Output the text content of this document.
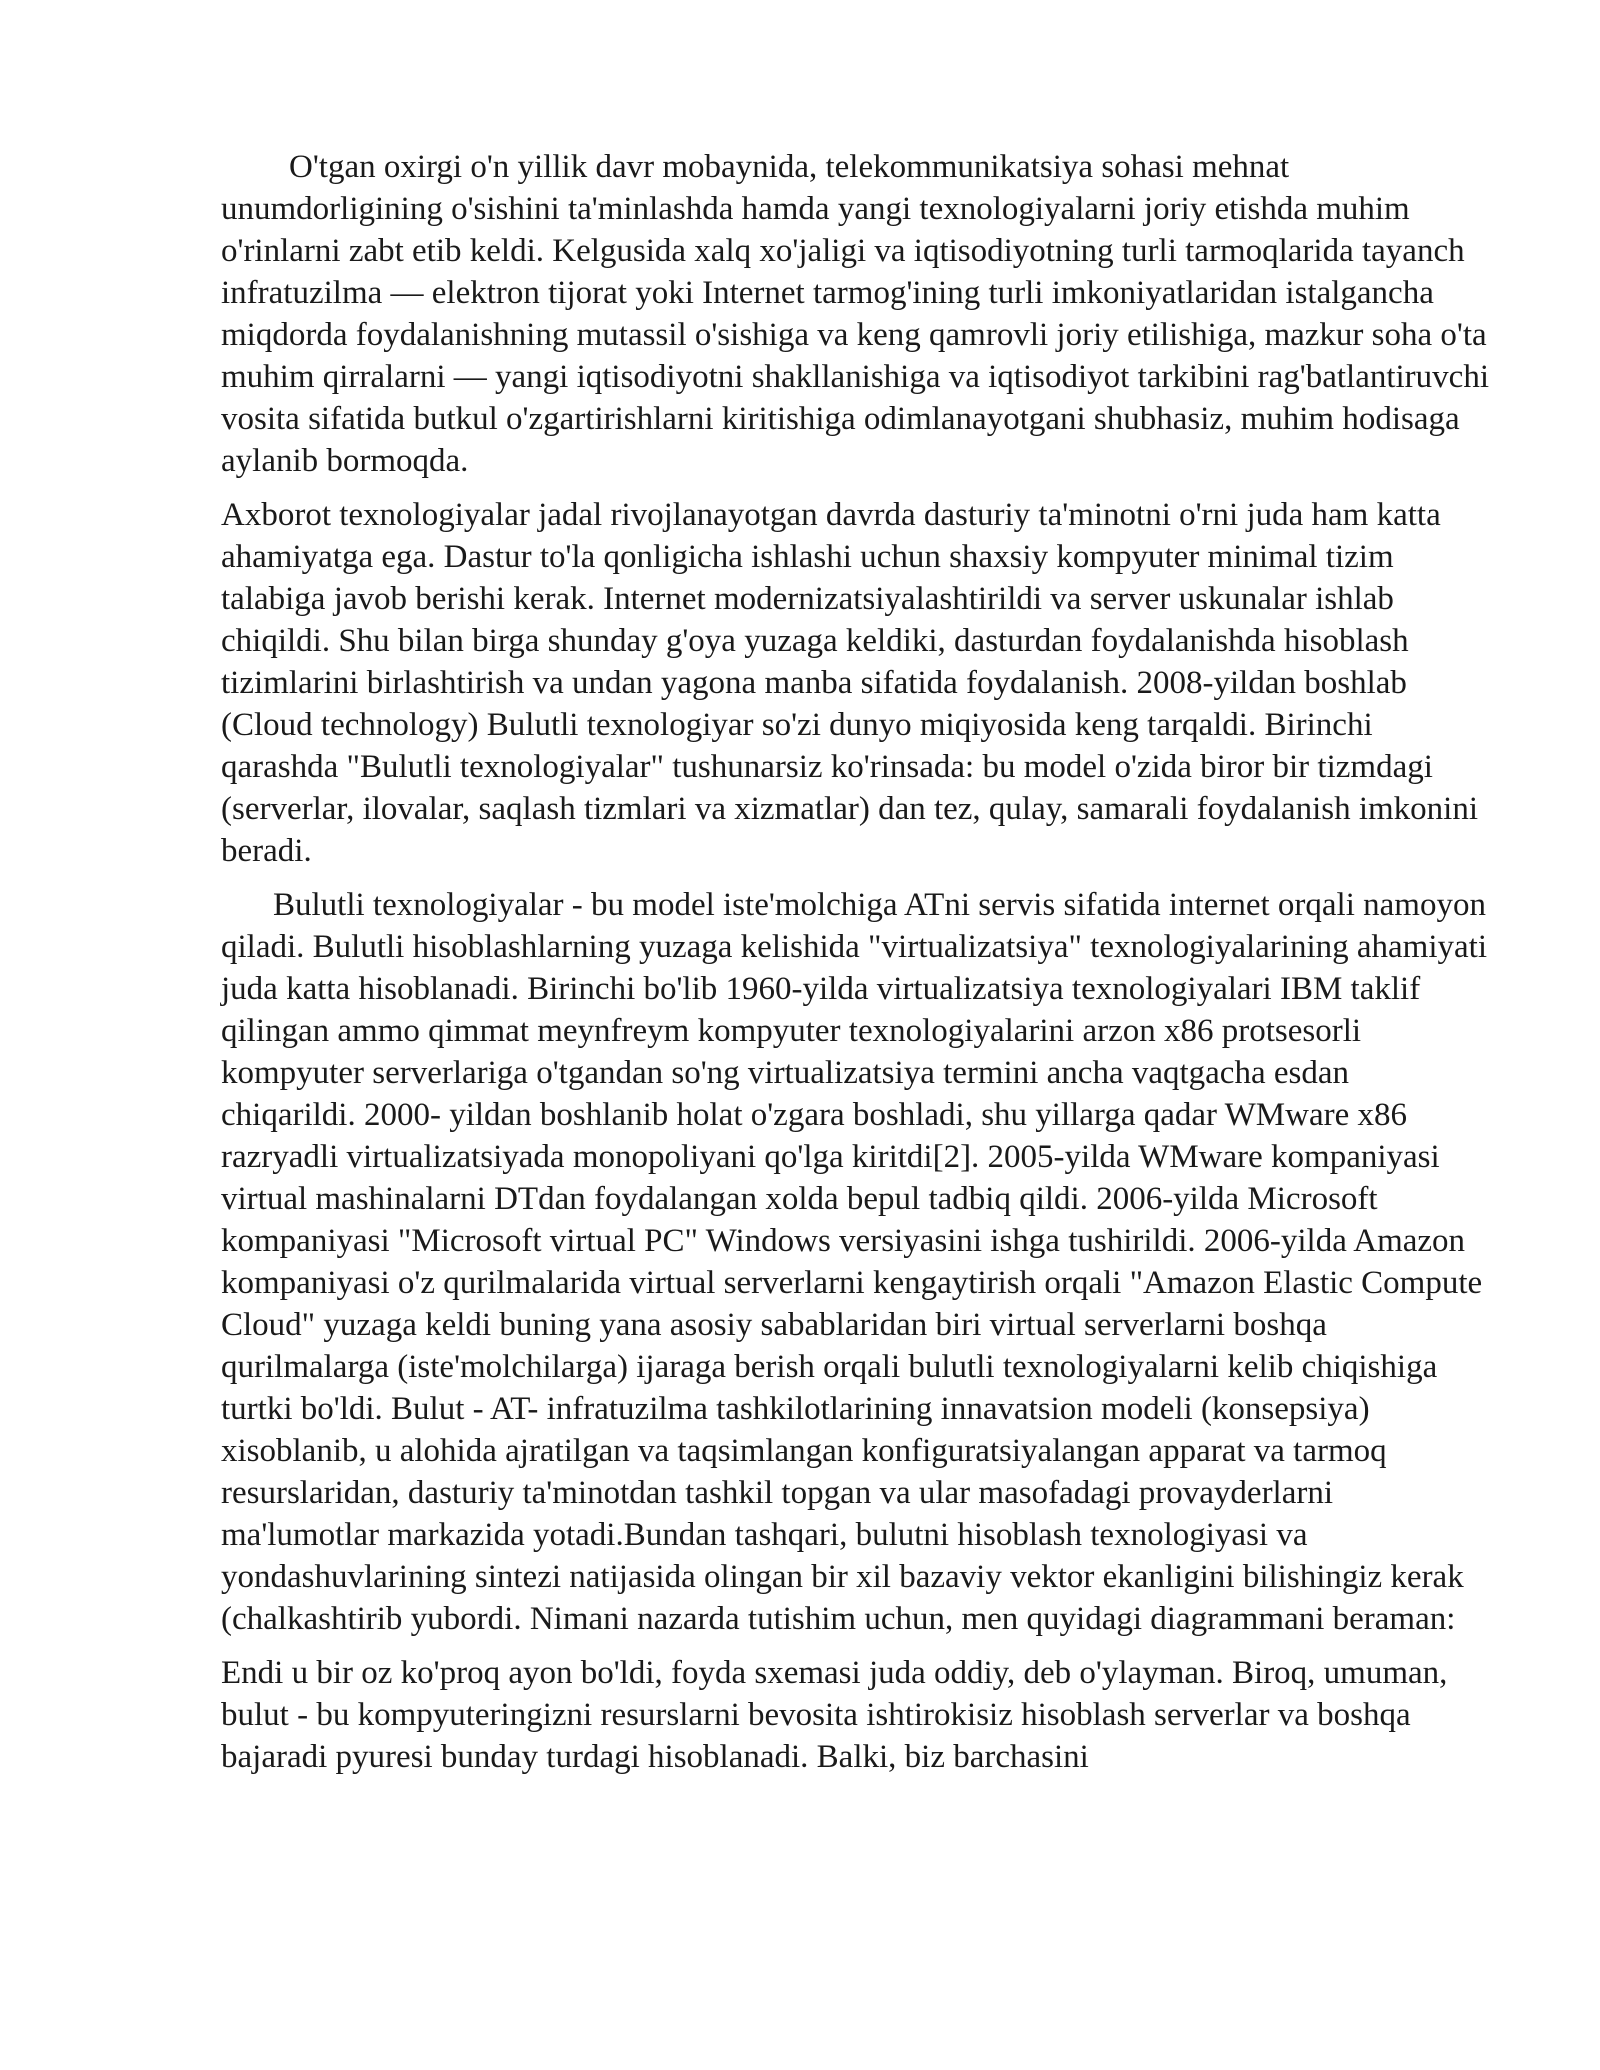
O'tgan oxirgi o'n yillik davr mobaynida, telekommunikatsiya sohasi mehnat unumdorligining o'sishini ta'minlashda hamda yangi texnologiyalarni joriy etishda muhim o'rinlarni zabt etib keldi. Kelgusida xalq xo'jaligi va iqtisodiyotning turli tarmoqlarida tayanch infratuzilma — elektron tijorat yoki Internet tarmog'ining turli imkoniyatlaridan istalgancha miqdorda foydalanishning mutassil o'sishiga va keng qamrovli joriy etilishiga, mazkur soha o'ta muhim qirralarni — yangi iqtisodiyotni shakllanishiga va iqtisodiyot tarkibini rag'batlantiruvchi vosita sifatida butkul o'zgartirishlarni kiritishiga odimlanayotgani shubhasiz, muhim hodisaga aylanib bormoqda.

Axborot texnologiyalar jadal rivojlanayotgan davrda dasturiy ta'minotni o'rni juda ham katta ahamiyatga ega. Dastur to'la qonligicha ishlashi uchun shaxsiy kompyuter minimal tizim talabiga javob berishi kerak. Internet modernizatsiyalashtirildi va server uskunalar ishlab chiqildi. Shu bilan birga shunday g'oya yuzaga keldiki, dasturdan foydalanishda hisoblash tizimlarini birlashtirish va undan yagona manba sifatida foydalanish. 2008-yildan boshlab (Cloud technology) Bulutli texnologiyar so'zi dunyo miqiyosida keng tarqaldi. Birinchi qarashda "Bulutli texnologiyalar" tushunarsiz ko'rinsada: bu model o'zida biror bir tizmdagi (serverlar, ilovalar, saqlash tizmlari va xizmatlar) dan tez, qulay, samarali foydalanish imkonini beradi.

Bulutli texnologiyalar - bu model iste'molchiga ATni servis sifatida internet orqali namoyon qiladi. Bulutli hisoblashlarning yuzaga kelishida "virtualizatsiya" texnologiyalarining ahamiyati juda katta hisoblanadi. Birinchi bo'lib 1960-yilda virtualizatsiya texnologiyalari IBM taklif qilingan ammo qimmat meynfreym kompyuter texnologiyalarini arzon x86 protsesorli kompyuter serverlariga o'tgandan so'ng virtualizatsiya termini ancha vaqtgacha esdan chiqarildi. 2000- yildan boshlanib holat o'zgara boshladi, shu yillarga qadar WMware x86 razryadli virtualizatsiyada monopoliyani qo'lga kiritdi[2]. 2005-yilda WMware kompaniyasi virtual mashinalarni DTdan foydalangan xolda bepul tadbiq qildi. 2006-yilda Microsoft kompaniyasi "Microsoft virtual PC" Windows versiyasini ishga tushirildi. 2006-yilda Amazon kompaniyasi o'z qurilmalarida virtual serverlarni kengaytirish orqali "Amazon Elastic Compute Cloud" yuzaga keldi buning yana asosiy sabablaridan biri virtual serverlarni boshqa qurilmalarga (iste'molchilarga) ijaraga berish orqali bulutli texnologiyalarni kelib chiqishiga turtki bo'ldi. Bulut - AT- infratuzilma tashkilotlarining innavatsion modeli (konsepsiya) xisoblanib, u alohida ajratilgan va taqsimlangan konfiguratsiyalangan apparat va tarmoq resurslaridan, dasturiy ta'minotdan tashkil topgan va ular masofadagi provayderlarni ma'lumotlar markazida yotadi.Bundan tashqari, bulutni hisoblash texnologiyasi va yondashuvlarining sintezi natijasida olingan bir xil bazaviy vektor ekanligini bilishingiz kerak (chalkashtirib yubordi. Nimani nazarda tutishim uchun, men quyidagi diagrammani beraman:

Endi u bir oz ko'proq ayon bo'ldi, foyda sxemasi juda oddiy, deb o'ylayman. Biroq, umuman, bulut - bu kompyuteringizni resurslarni bevosita ishtirokisiz hisoblash serverlar va boshqa bajaradi pyuresi bunday turdagi hisoblanadi. Balki, biz barchasini
